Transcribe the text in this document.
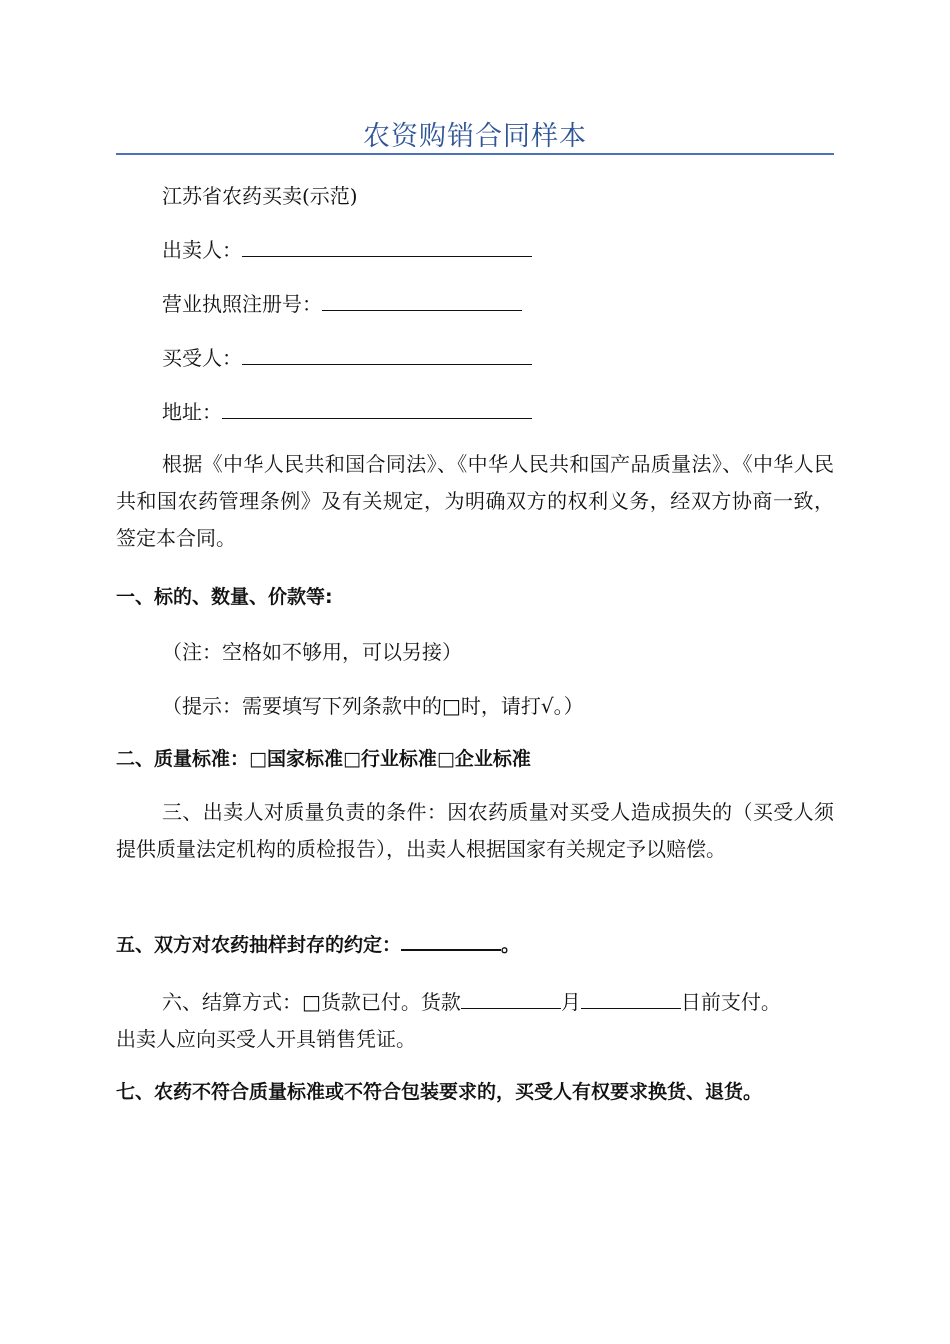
农资购销合同样本
江苏省农药买卖(示范)
出卖人：
营业执照注册号：
买受人：
地址：
根据《中华人民共和国合同法》、《中华人民共和国产品质量法》、《中华人民共和国农药管理条例》及有关规定，为明确双方的权利义务，经双方协商一致，签定本合同。
一、标的、数量、价款等:
（注：空格如不够用，可以另接）
（提示：需要填写下列条款中的□时，请打√。）
二、质量标准：□国家标准□行业标准□企业标准
三、出卖人对质量负责的条件：因农药质量对买受人造成损失的（买受人须提供质量法定机构的质检报告），出卖人根据国家有关规定予以赔偿。
五、双方对农药抽样封存的约定：	。
六、结算方式：□货款已付。货款	月	日前支付。
出卖人应向买受人开具销售凭证。
七、农药不符合质量标准或不符合包装要求的，买受人有权要求换货、退货。
